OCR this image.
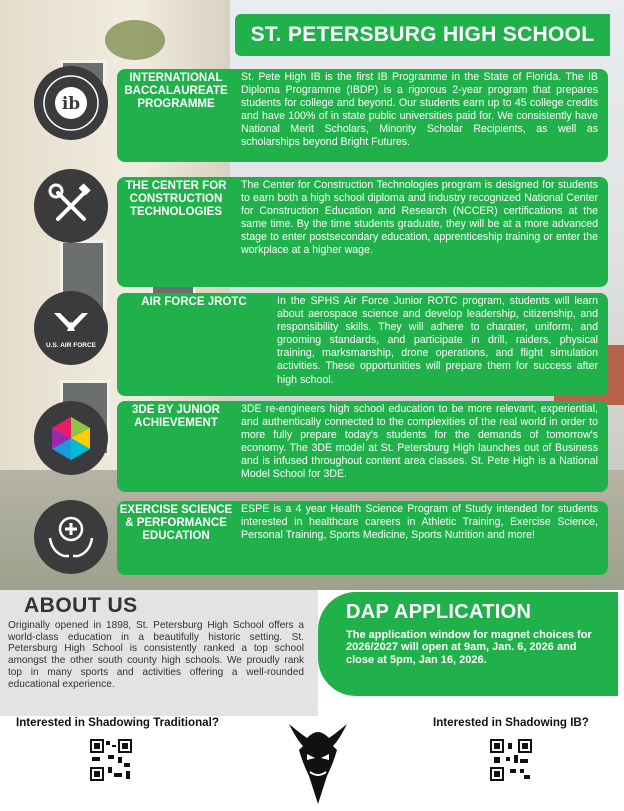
ST. PETERSBURG HIGH SCHOOL
ib
INTERNATIONAL BACCALAUREATE PROGRAMME
St. Pete High IB is the first IB Programme in the State of Florida. The IB Diploma Programme (IBDP) is a rigorous 2-year program that prepares students for college and beyond. Our students earn up to 45 college credits and have 100% of in state public universities paid for. We consistently have National Merit Scholars, Minority Scholar Recipients, as well as scholarships beyond Bright Futures.
THE CENTER FOR CONSTRUCTION TECHNOLOGIES
The Center for Construction Technologies program is designed for students to earn both a high school diploma and industry recognized National Center for Construction Education and Research (NCCER) certifications at the same time. By the time students graduate, they will be at a more advanced stage to enter postsecondary education, apprenticeship training or enter the workplace at a higher wage.
U.S. AIR FORCE
AIR FORCE JROTC	In the SPHS Air Force Junior ROTC program, students will learn about aerospace science and develop leadership, citizenship, and responsibility skills. They will adhere to charater, uniform, and grooming standards, and participate in drill, raiders, physical training, marksmanship, drone operations, and flight simulation activities. These opportunities will prepare them for success after high school.
3DE BY JUNIOR ACHIEVEMENT
3DE re-engineers high school education to be more relevant, experiential, and authentically connected to the complexities of the real world in order to more fully prepare today's students for the demands of tomorrow's economy. The 3DE model at St. Petersburg High launches out of Business and is infused throughout content area classes. St. Pete High is a National Model School for 3DE.
EXERCISE SCIENCE & PERFORMANCE EDUCATION
ESPE is a 4 year Health Science Program of Study intended for students interested in healthcare careers in Athletic Training, Exercise Science, Personal Training, Sports Medicine, Sports Nutrition and more!
ABOUT US

Originally opened in 1898, St. Petersburg High School offers a world-class education in a beautifully historic setting. St. Petersburg High School is consistently ranked a top school amongst the other south county high schools. We proudly rank top in many sports and activities offering a well-rounded educational experience.

DAP APPLICATION

The application window for magnet choices for 2026/2027 will open at 9am, Jan. 6, 2026 and close at 5pm, Jan 16, 2026.

Interested in Shadowing Traditional?	Interested in Shadowing IB?
